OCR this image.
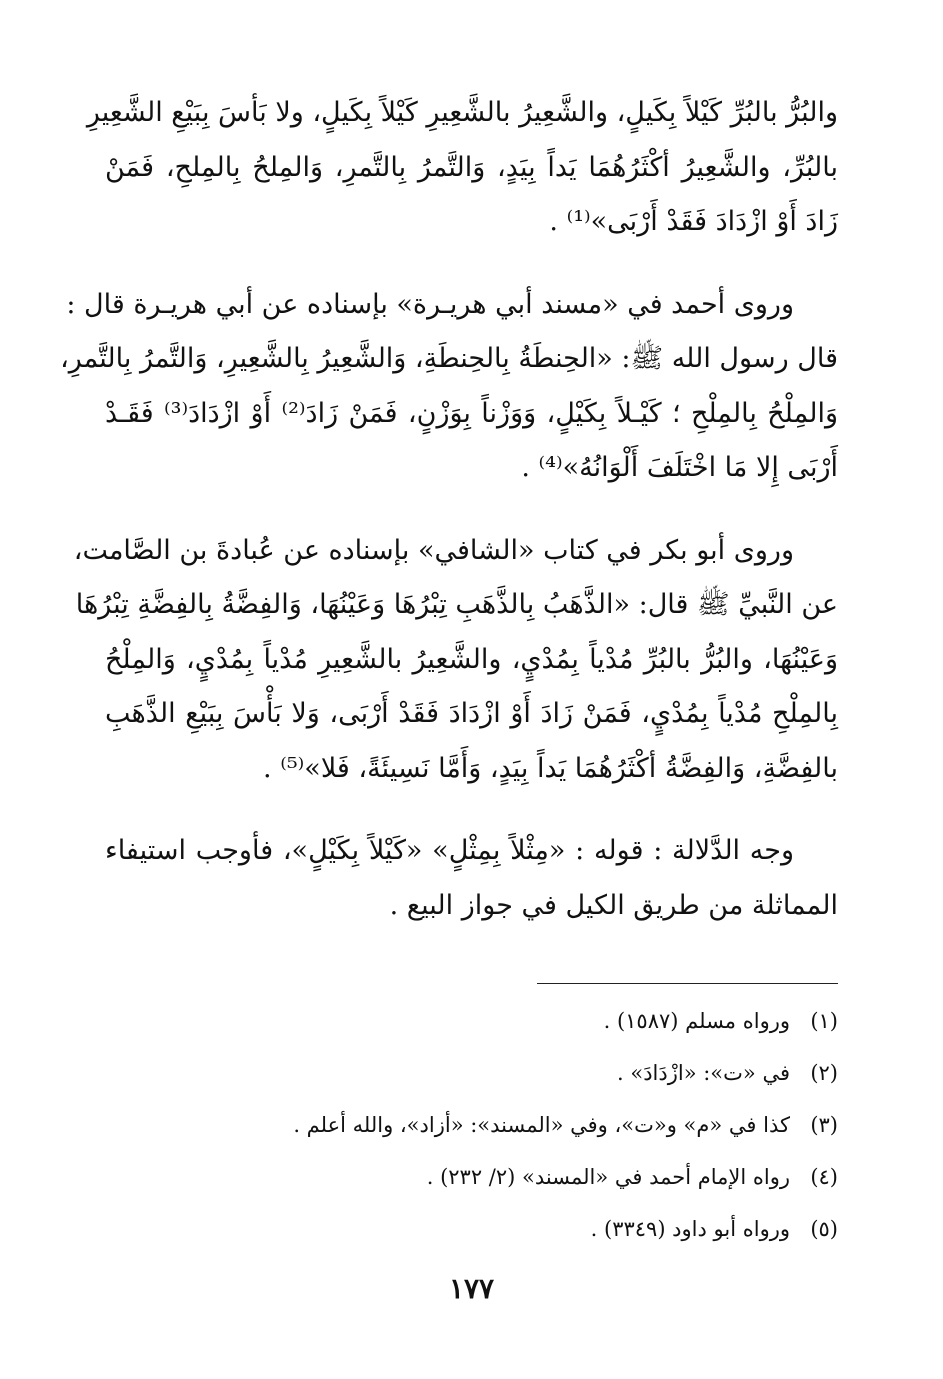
والبُرُّ بالبُرِّ كَيْلاً بِكَيلٍ، والشَّعِيرُ بالشَّعِيرِ كَيْلاً بِكَيلٍ، ولا بَأسَ بِبَيْعِ الشَّعِيرِ
بالبُرِّ، والشَّعِيرُ أكْثَرُهُمَا يَداً بِيَدٍ، وَالتَّمرُ بِالتَّمرِ، وَالمِلحُ بِالمِلحِ، فَمَنْ
زَادَ أَوْ ازْدَادَ فَقَدْ أَرْبَى»⁽¹⁾ .

وروى أحمد في «مسند أبي هريـرة» بإسناده عن أبي هريـرة قال :
قال رسول الله ﷺ: «الحِنطَةُ بِالحِنطَةِ، وَالشَّعِيرُ بِالشَّعِيرِ، وَالتَّمرُ بِالتَّمرِ،
وَالمِلْحُ بِالمِلْحِ ؛ كَيْـلاً بِكَيْلٍ، وَوَزْناً بِوَزْنٍ، فَمَنْ زَادَ⁽²⁾ أَوْ ازْدَادَ⁽³⁾ فَقَـدْ
أَرْبَى إِلا مَا اخْتَلَفَ أَلْوَانُهُ»⁽⁴⁾ .

وروى أبو بكر في كتاب «الشافي» بإسناده عن عُبادةَ بن الصَّامت،
عن النَّبيِّ ﷺ قال: «الذَّهَبُ بِالذَّهَبِ تِبْرُهَا وَعَيْنُهَا، وَالفِضَّةُ بِالفِضَّةِ تِبْرُهَا
وَعَيْنُهَا، والبُرُّ بالبُرِّ مُدْياً بِمُدْيٍ، والشَّعِيرُ بالشَّعِيرِ مُدْياً بِمُدْيٍ، وَالمِلْحُ
بِالمِلْحِ مُدْياً بِمُدْيٍ، فَمَنْ زَادَ أَوْ ازْدَادَ فَقَدْ أَرْبَى، وَلا بَأْسَ بِبَيْعِ الذَّهَبِ
بالفِضَّةِ، وَالفِضَّةُ أكْثَرُهُمَا يَداً بِيَدٍ، وَأَمَّا نَسِيئَةً، فَلا»⁽⁵⁾ .

وجه الدَّلالة : قوله : «مِثْلاً بِمِثْلٍ» «كَيْلاً بِكَيْلٍ»، فأوجب استيفاء
المماثلة من طريق الكيل في جواز البيع .

(١)
ورواه مسلم (١٥٨٧) .
(٢)
في «ت»: «ازْدَادَ» .
(٣)
كذا في «م» و«ت»، وفي «المسند»: «أزاد»، والله أعلم .
(٤)
رواه الإمام أحمد في «المسند» (٢/ ٢٣٢) .
(٥)
ورواه أبو داود (٣٣٤٩) .
١٧٧
